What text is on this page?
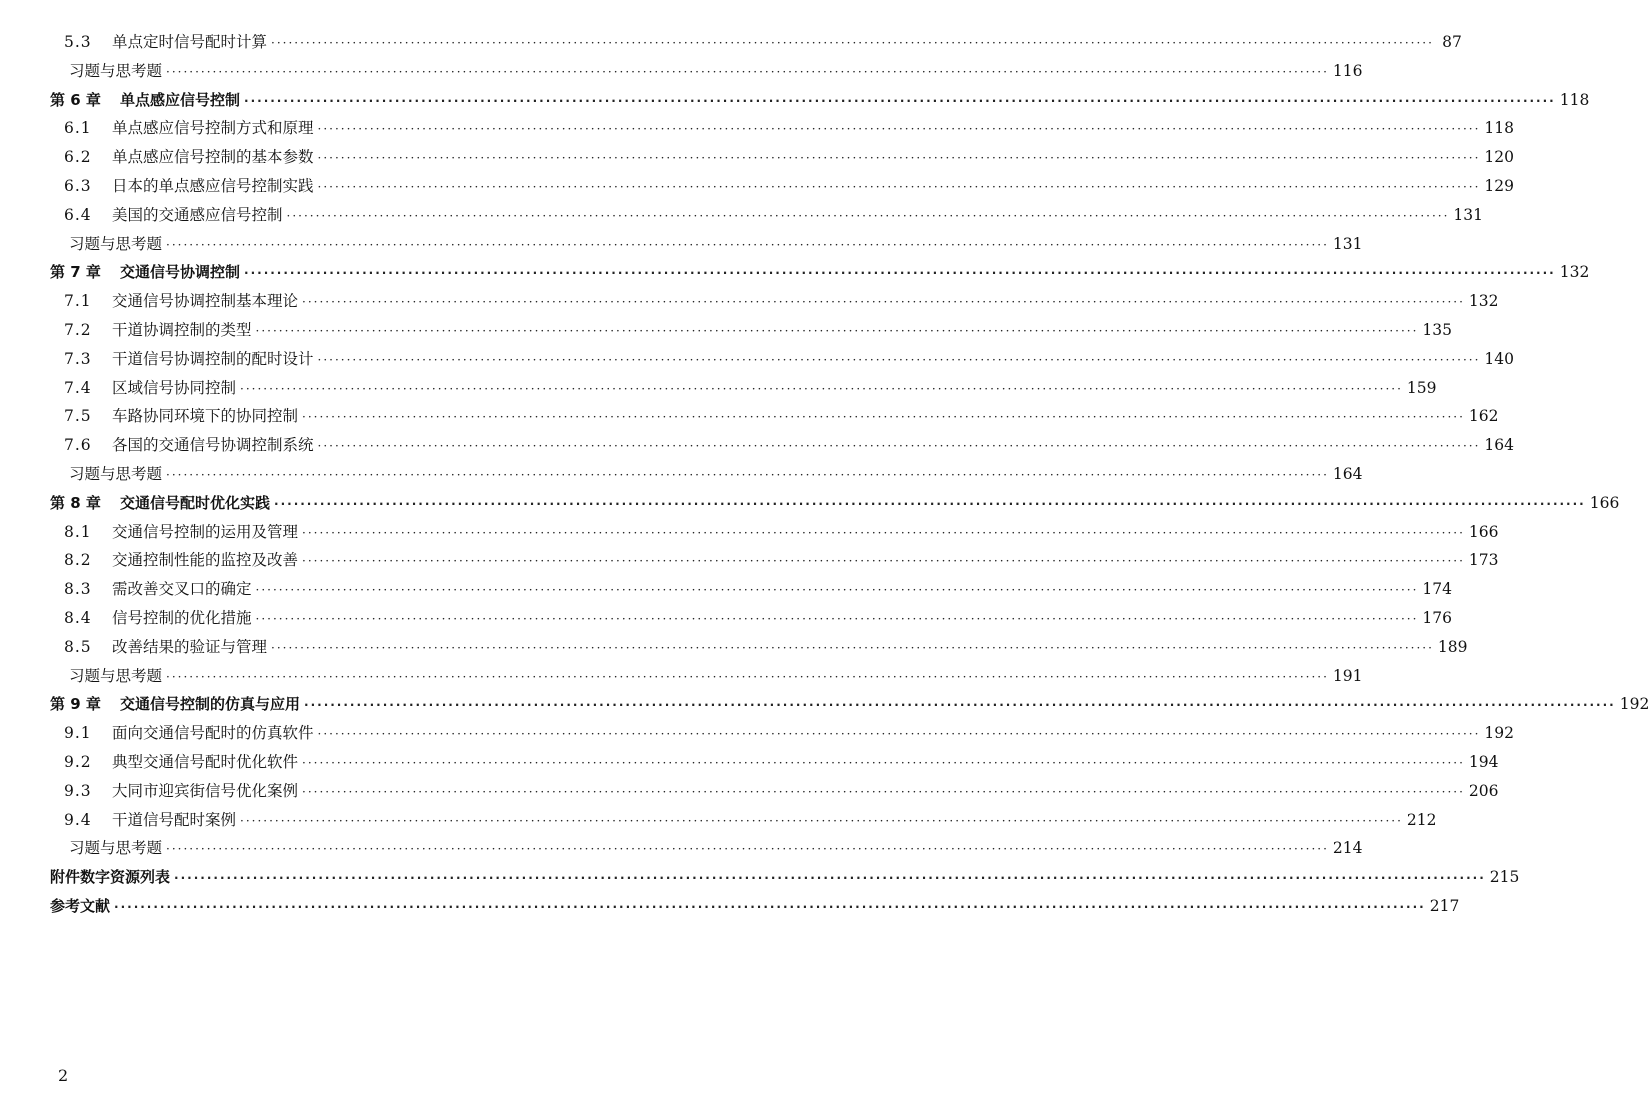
5.3	单点定时信号配时计算 ········································································································································································································ 87
习题与思考题 ········································································································································································································ 116
第 6 章	单点感应信号控制 ········································································································································································································ 118
6.1	单点感应信号控制方式和原理 ········································································································································································································ 118
6.2	单点感应信号控制的基本参数 ········································································································································································································ 120
6.3	日本的单点感应信号控制实践 ········································································································································································································ 129
6.4	美国的交通感应信号控制 ········································································································································································································ 131
习题与思考题 ········································································································································································································ 131
第 7 章	交通信号协调控制 ········································································································································································································ 132
7.1	交通信号协调控制基本理论 ········································································································································································································ 132
7.2	干道协调控制的类型 ········································································································································································································ 135
7.3	干道信号协调控制的配时设计 ········································································································································································································ 140
7.4	区域信号协同控制 ········································································································································································································ 159
7.5	车路协同环境下的协同控制 ········································································································································································································ 162
7.6	各国的交通信号协调控制系统 ········································································································································································································ 164
习题与思考题 ········································································································································································································ 164
第 8 章	交通信号配时优化实践 ········································································································································································································ 166
8.1	交通信号控制的运用及管理 ········································································································································································································ 166
8.2	交通控制性能的监控及改善 ········································································································································································································ 173
8.3	需改善交叉口的确定 ········································································································································································································ 174
8.4	信号控制的优化措施 ········································································································································································································ 176
8.5	改善结果的验证与管理 ········································································································································································································ 189
习题与思考题 ········································································································································································································ 191
第 9 章	交通信号控制的仿真与应用 ········································································································································································································ 192
9.1	面向交通信号配时的仿真软件 ········································································································································································································ 192
9.2	典型交通信号配时优化软件 ········································································································································································································ 194
9.3	大同市迎宾街信号优化案例 ········································································································································································································ 206
9.4	干道信号配时案例 ········································································································································································································ 212
习题与思考题 ········································································································································································································ 214
附件 数字资源列表 ········································································································································································································ 215
参考文献 ········································································································································································································ 217
2
